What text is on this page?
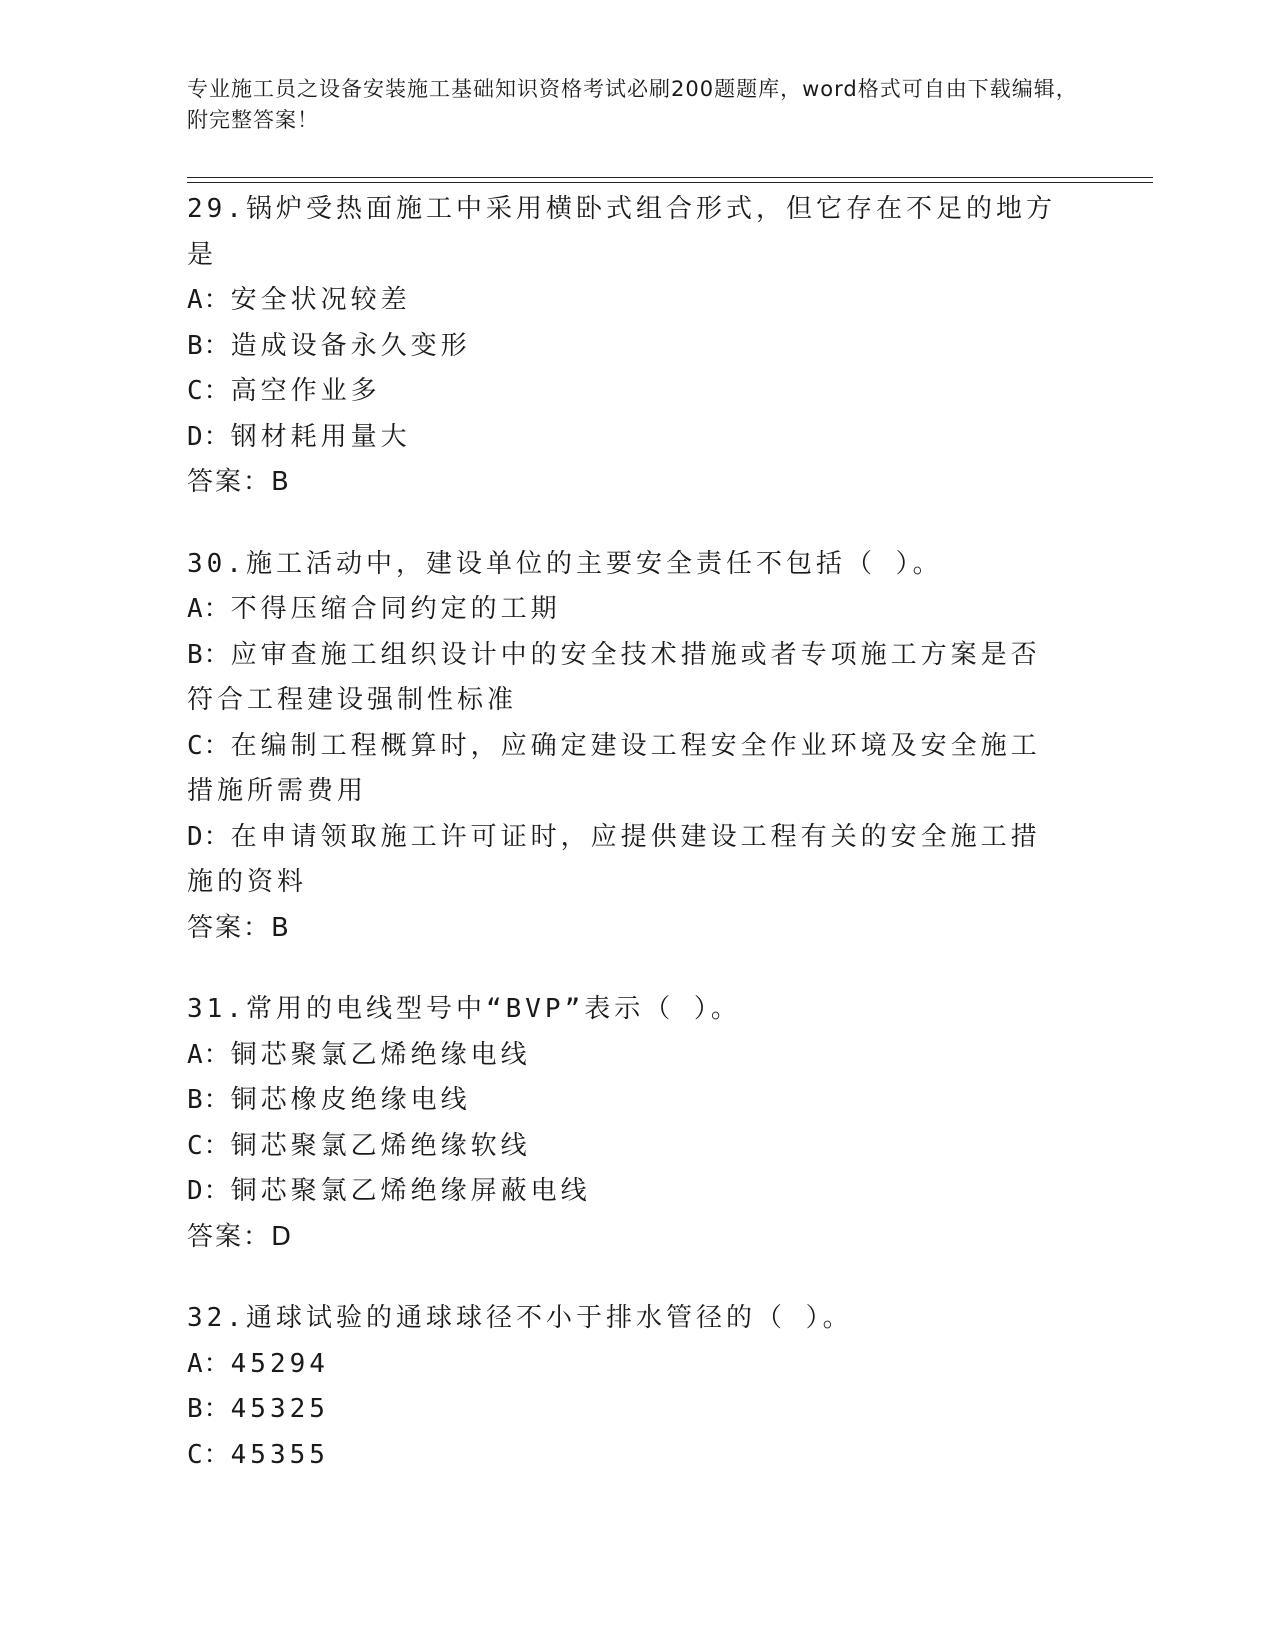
专业施工员之设备安装施工基础知识资格考试必刷200题题库，word格式可自由下载编辑，附完整答案！
29.锅炉受热面施工中采用横卧式组合形式，但它存在不足的地方是
A：安全状况较差
B：造成设备永久变形
C：高空作业多
D：钢材耗用量大
答案：B
30.施工活动中，建设单位的主要安全责任不包括（ ）。
A：不得压缩合同约定的工期
B：应审查施工组织设计中的安全技术措施或者专项施工方案是否符合工程建设强制性标准
C：在编制工程概算时，应确定建设工程安全作业环境及安全施工措施所需费用
D：在申请领取施工许可证时，应提供建设工程有关的安全施工措施的资料
答案：B
31.常用的电线型号中“BVP”表示（ ）。
A：铜芯聚氯乙烯绝缘电线
B：铜芯橡皮绝缘电线
C：铜芯聚氯乙烯绝缘软线
D：铜芯聚氯乙烯绝缘屏蔽电线
答案：D
32.通球试验的通球球径不小于排水管径的（ ）。
A：45294
B：45325
C：45355
